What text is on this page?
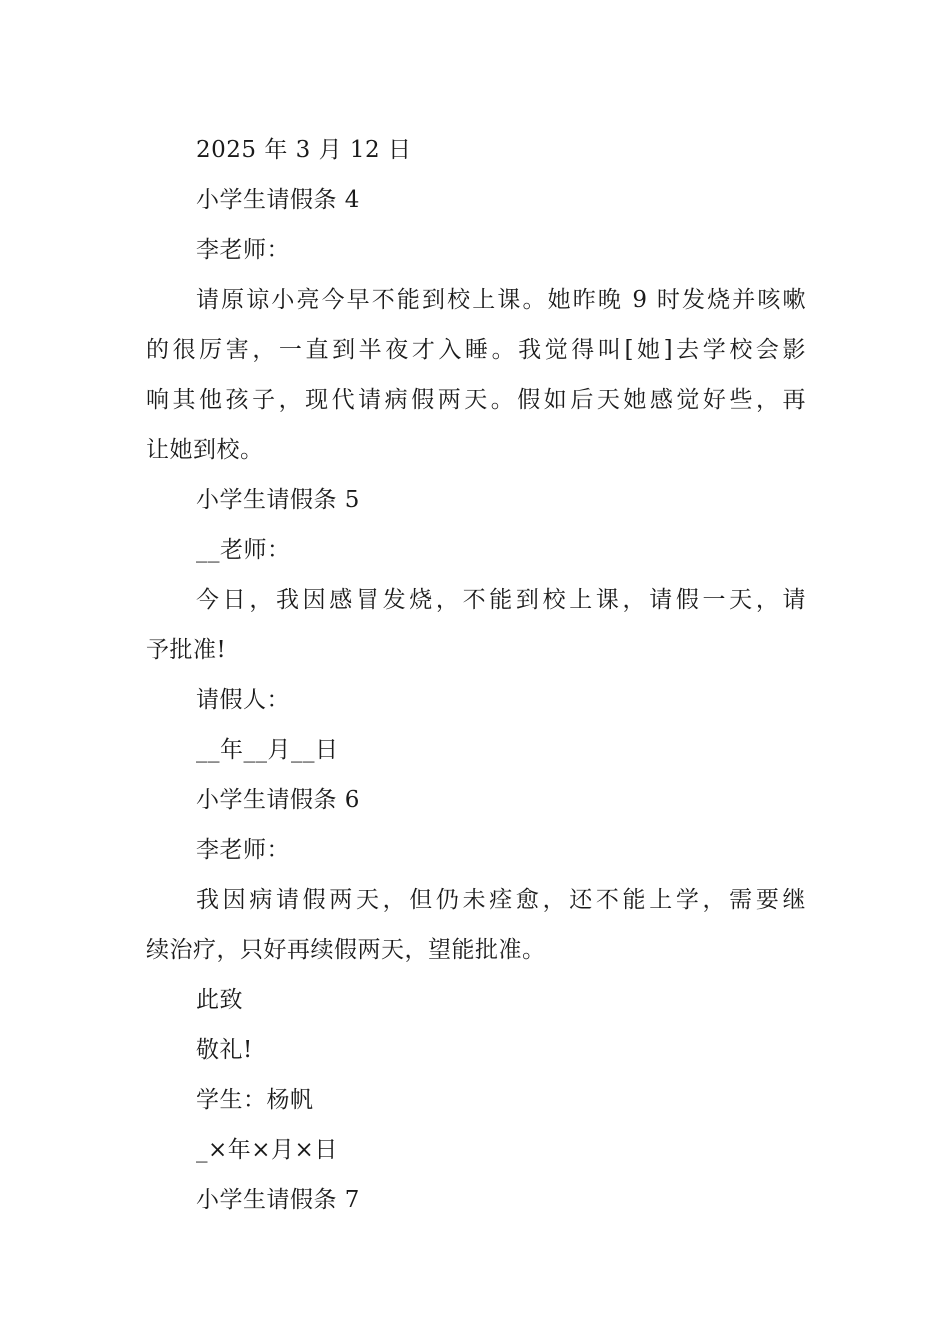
2025 年 3 月 12 日
小学生请假条 4
李老师：
请原谅小亮今早不能到校上课。她昨晚 9 时发烧并咳嗽
的很厉害，一直到半夜才入睡。我觉得叫[她]去学校会影
响其他孩子，现代请病假两天。假如后天她感觉好些，再
让她到校。
小学生请假条 5
__老师：
今日，我因感冒发烧，不能到校上课，请假一天，请
予批准!
请假人：
__年__月__日
小学生请假条 6
李老师：
我因病请假两天，但仍未痊愈，还不能上学，需要继
续治疗，只好再续假两天，望能批准。
此致
敬礼!
学生：杨帆
_×年×月×日
小学生请假条 7
